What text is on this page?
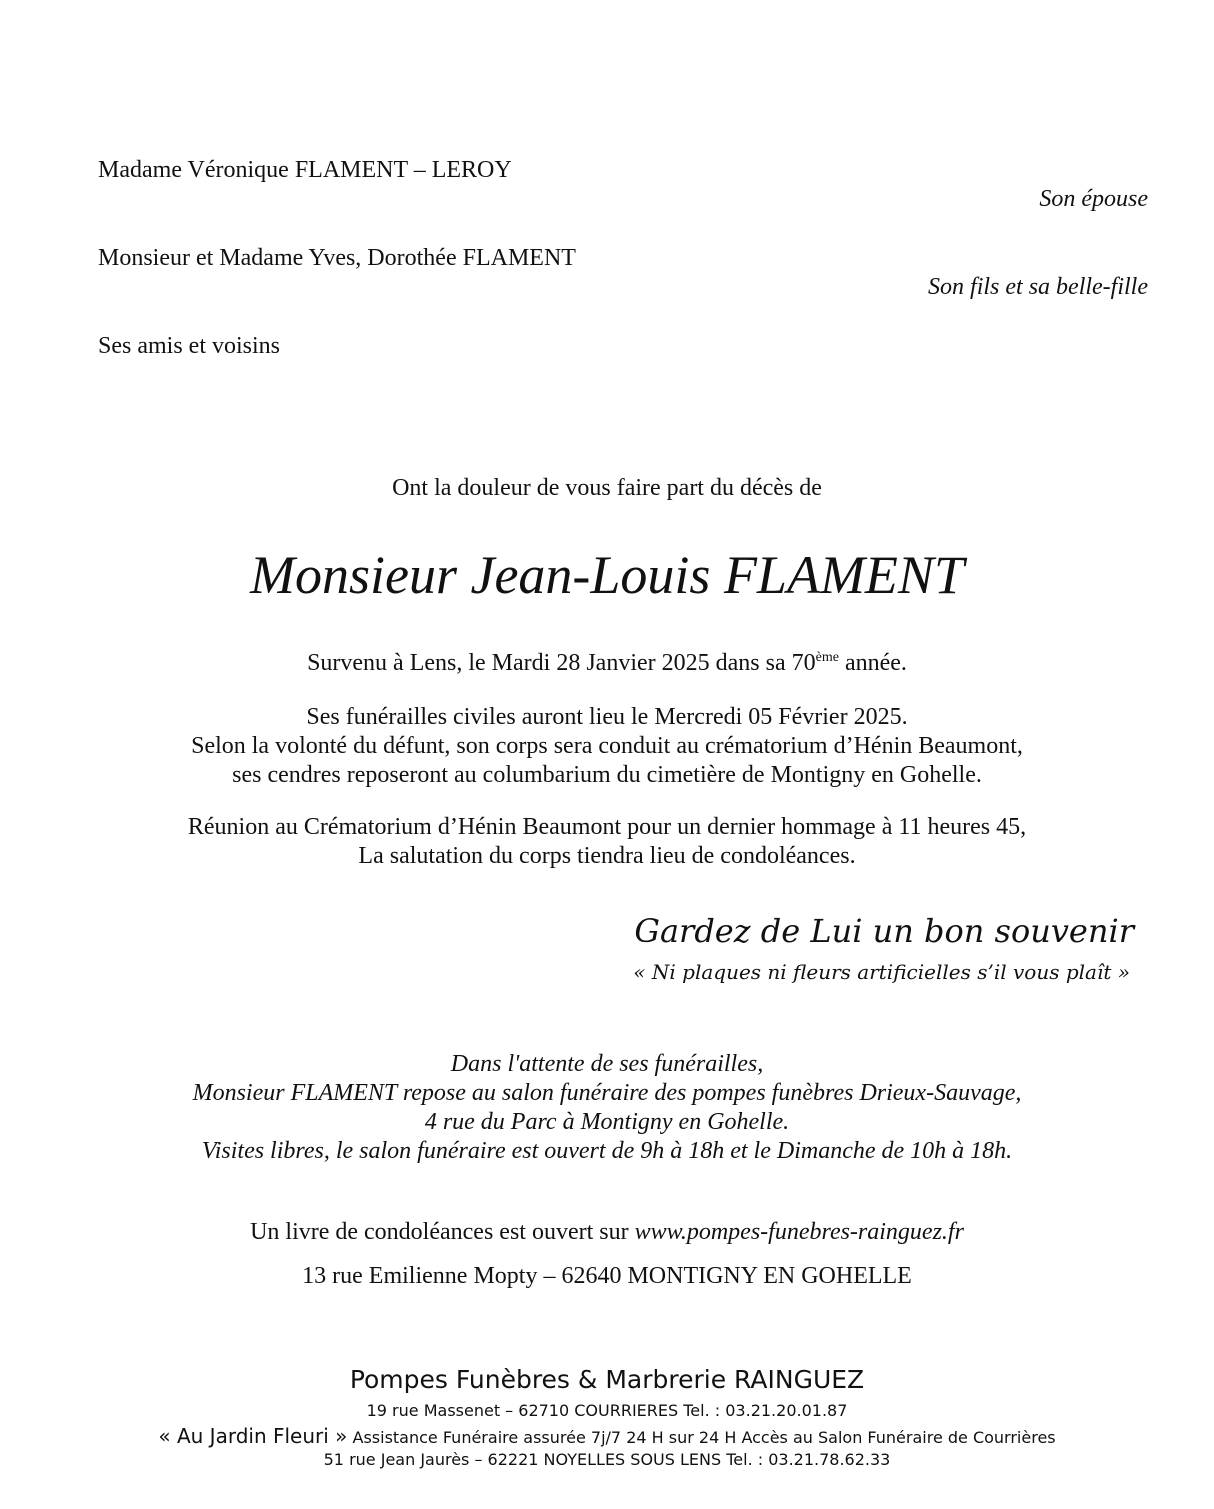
Madame Véronique FLAMENT – LEROY
Son épouse
Monsieur et Madame Yves, Dorothée FLAMENT
Son fils et sa belle-fille
Ses amis et voisins
Ont la douleur de vous faire part du décès de
Monsieur Jean-Louis FLAMENT
Survenu à Lens, le Mardi 28 Janvier 2025 dans sa 70ème année.
Ses funérailles civiles auront lieu le Mercredi 05 Février 2025.
Selon la volonté du défunt, son corps sera conduit au crématorium d’Hénin Beaumont,
ses cendres reposeront au columbarium du cimetière de Montigny en Gohelle.
Réunion au Crématorium d’Hénin Beaumont pour un dernier hommage à 11 heures 45,
La salutation du corps tiendra lieu de condoléances.
Gardez de Lui un bon souvenir
« Ni plaques ni fleurs artificielles s’il vous plaît »
Dans l'attente de ses funérailles,
Monsieur FLAMENT repose au salon funéraire des pompes funèbres Drieux-Sauvage,
4 rue du Parc à Montigny en Gohelle.
Visites libres, le salon funéraire est ouvert de 9h à 18h et le Dimanche de 10h à 18h.
Un livre de condoléances est ouvert sur www.pompes-funebres-rainguez.fr
13 rue Emilienne Mopty – 62640 MONTIGNY EN GOHELLE
Pompes Funèbres & Marbrerie RAINGUEZ
19 rue Massenet – 62710 COURRIERES Tel. : 03.21.20.01.87
« Au Jardin Fleuri » Assistance Funéraire assurée 7j/7 24 H sur 24 H Accès au Salon Funéraire de Courrières
51 rue Jean Jaurès – 62221 NOYELLES SOUS LENS Tel. : 03.21.78.62.33
